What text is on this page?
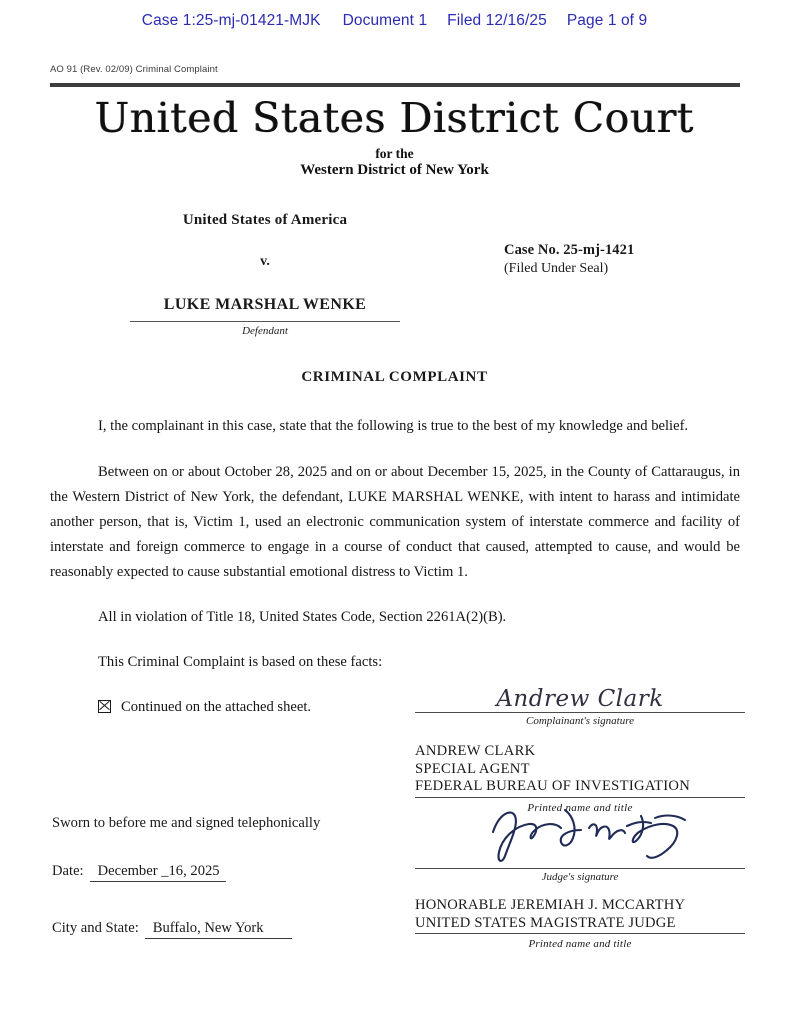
Case 1:25-mj-01421-MJK Document 1 Filed 12/16/25 Page 1 of 9
AO 91 (Rev. 02/09) Criminal Complaint
United States District Court
for the
Western District of New York
United States of America
v.
LUKE MARSHAL WENKE
Defendant
Case No. 25-mj-1421
(Filed Under Seal)
CRIMINAL COMPLAINT

I, the complainant in this case, state that the following is true to the best of my knowledge and belief.

Between on or about October 28, 2025 and on or about December 15, 2025, in the County of Cattaraugus, in the Western District of New York, the defendant, LUKE MARSHAL WENKE, with intent to harass and intimidate another person, that is, Victim 1, used an electronic communication system of interstate commerce and facility of interstate and foreign commerce to engage in a course of conduct that caused, attempted to cause, and would be reasonably expected to cause substantial emotional distress to Victim 1.

All in violation of Title 18, United States Code, Section 2261A(2)(B).

This Criminal Complaint is based on these facts:

Continued on the attached sheet.	Andrew Clark
Complainant's signature
ANDREW CLARK
SPECIAL AGENT
FEDERAL BUREAU OF INVESTIGATION
Printed name and title
Judge's signature
HONORABLE JEREMIAH J. MCCARTHY
UNITED STATES MAGISTRATE JUDGE
Printed name and title
Sworn to before me and signed telephonically
Date: December _16, 2025
City and State: Buffalo, New York
